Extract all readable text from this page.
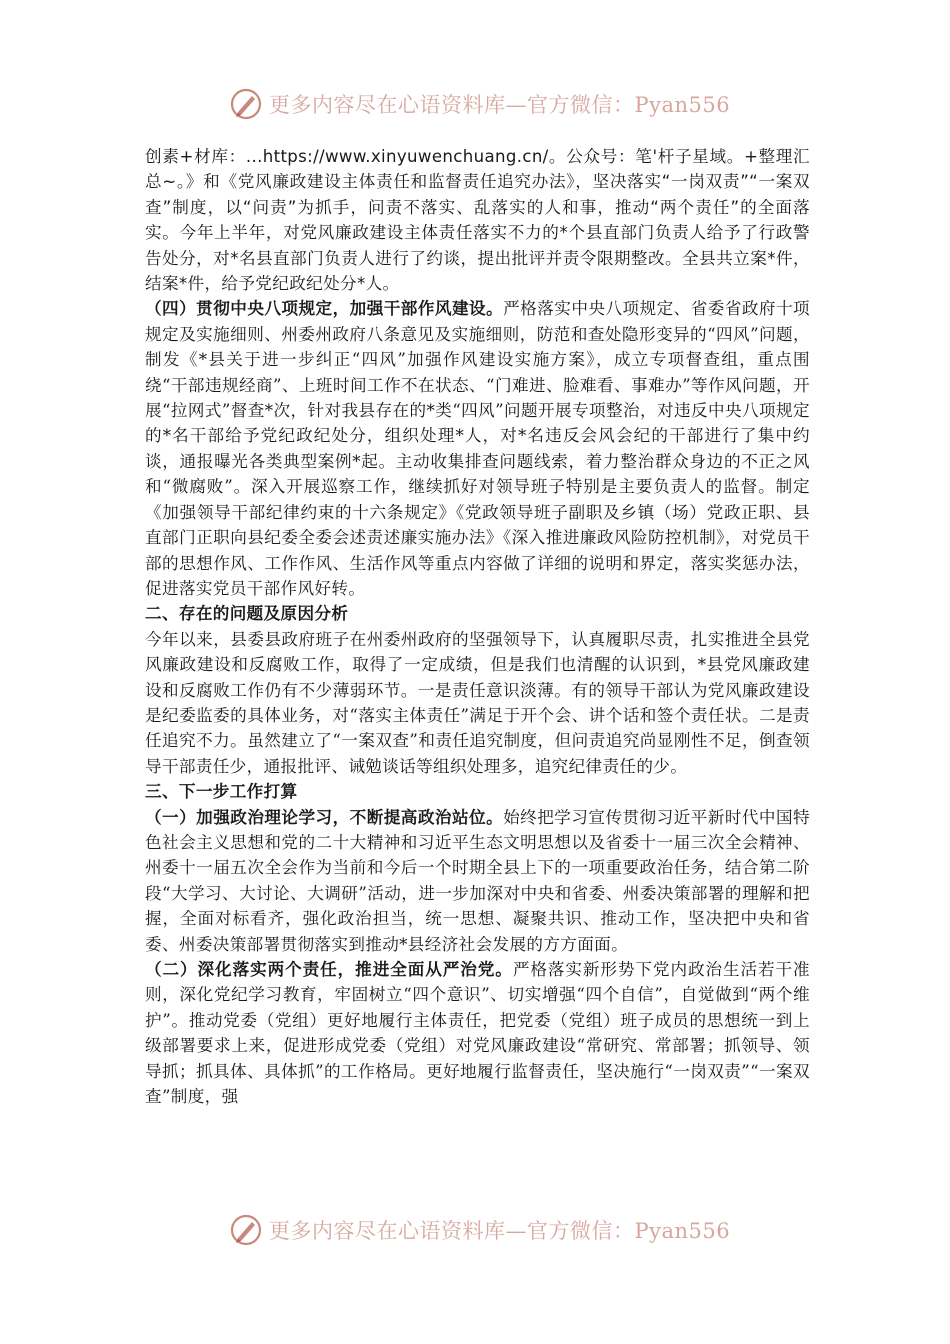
更多内容尽在心语资料库—官方微信：Pyan556

创素+材库：...https://www.xinyuwenchuang.cn/。公众号：笔'杆子星域。+整理汇总~。》和《党风廉政建设主体责任和监督责任追究办法》，坚决落实“一岗双责”“一案双查”制度，以“问责”为抓手，问责不落实、乱落实的人和事，推动“两个责任”的全面落实。今年上半年，对党风廉政建设主体责任落实不力的*个县直部门负责人给予了行政警告处分，对*名县直部门负责人进行了约谈，提出批评并责令限期整改。全县共立案*件，结案*件，给予党纪政纪处分*人。

（四）贯彻中央八项规定，加强干部作风建设。严格落实中央八项规定、省委省政府十项规定及实施细则、州委州政府八条意见及实施细则，防范和查处隐形变异的“四风”问题，制发《*县关于进一步纠正“四风”加强作风建设实施方案》，成立专项督查组，重点围绕“干部违规经商”、上班时间工作不在状态、“门难进、脸难看、事难办”等作风问题，开展“拉网式”督查*次，针对我县存在的*类“四风”问题开展专项整治，对违反中央八项规定的*名干部给予党纪政纪处分，组织处理*人，对*名违反会风会纪的干部进行了集中约谈，通报曝光各类典型案例*起。主动收集排查问题线索，着力整治群众身边的不正之风和“微腐败”。深入开展巡察工作，继续抓好对领导班子特别是主要负责人的监督。制定《加强领导干部纪律约束的十六条规定》《党政领导班子副职及乡镇（场）党政正职、县直部门正职向县纪委全委会述责述廉实施办法》《深入推进廉政风险防控机制》，对党员干部的思想作风、工作作风、生活作风等重点内容做了详细的说明和界定，落实奖惩办法，促进落实党员干部作风好转。

二、存在的问题及原因分析

今年以来，县委县政府班子在州委州政府的坚强领导下，认真履职尽责，扎实推进全县党风廉政建设和反腐败工作，取得了一定成绩，但是我们也清醒的认识到，*县党风廉政建设和反腐败工作仍有不少薄弱环节。一是责任意识淡薄。有的领导干部认为党风廉政建设是纪委监委的具体业务，对“落实主体责任”满足于开个会、讲个话和签个责任状。二是责任追究不力。虽然建立了“一案双查”和责任追究制度，但问责追究尚显刚性不足，倒查领导干部责任少，通报批评、诫勉谈话等组织处理多，追究纪律责任的少。

三、下一步工作打算

（一）加强政治理论学习，不断提高政治站位。始终把学习宣传贯彻习近平新时代中国特色社会主义思想和党的二十大精神和习近平生态文明思想以及省委十一届三次全会精神、州委十一届五次全会作为当前和今后一个时期全县上下的一项重要政治任务，结合第二阶段“大学习、大讨论、大调研”活动，进一步加深对中央和省委、州委决策部署的理解和把握，全面对标看齐，强化政治担当，统一思想、凝聚共识、推动工作，坚决把中央和省委、州委决策部署贯彻落实到推动*县经济社会发展的方方面面。

（二）深化落实两个责任，推进全面从严治党。严格落实新形势下党内政治生活若干准则，深化党纪学习教育，牢固树立“四个意识”、切实增强“四个自信”，自觉做到“两个维护”。推动党委（党组）更好地履行主体责任，把党委（党组）班子成员的思想统一到上级部署要求上来，促进形成党委（党组）对党风廉政建设“常研究、常部署；抓领导、领导抓；抓具体、具体抓”的工作格局。更好地履行监督责任，坚决施行“一岗双责”“一案双查”制度，强

更多内容尽在心语资料库—官方微信：Pyan556
